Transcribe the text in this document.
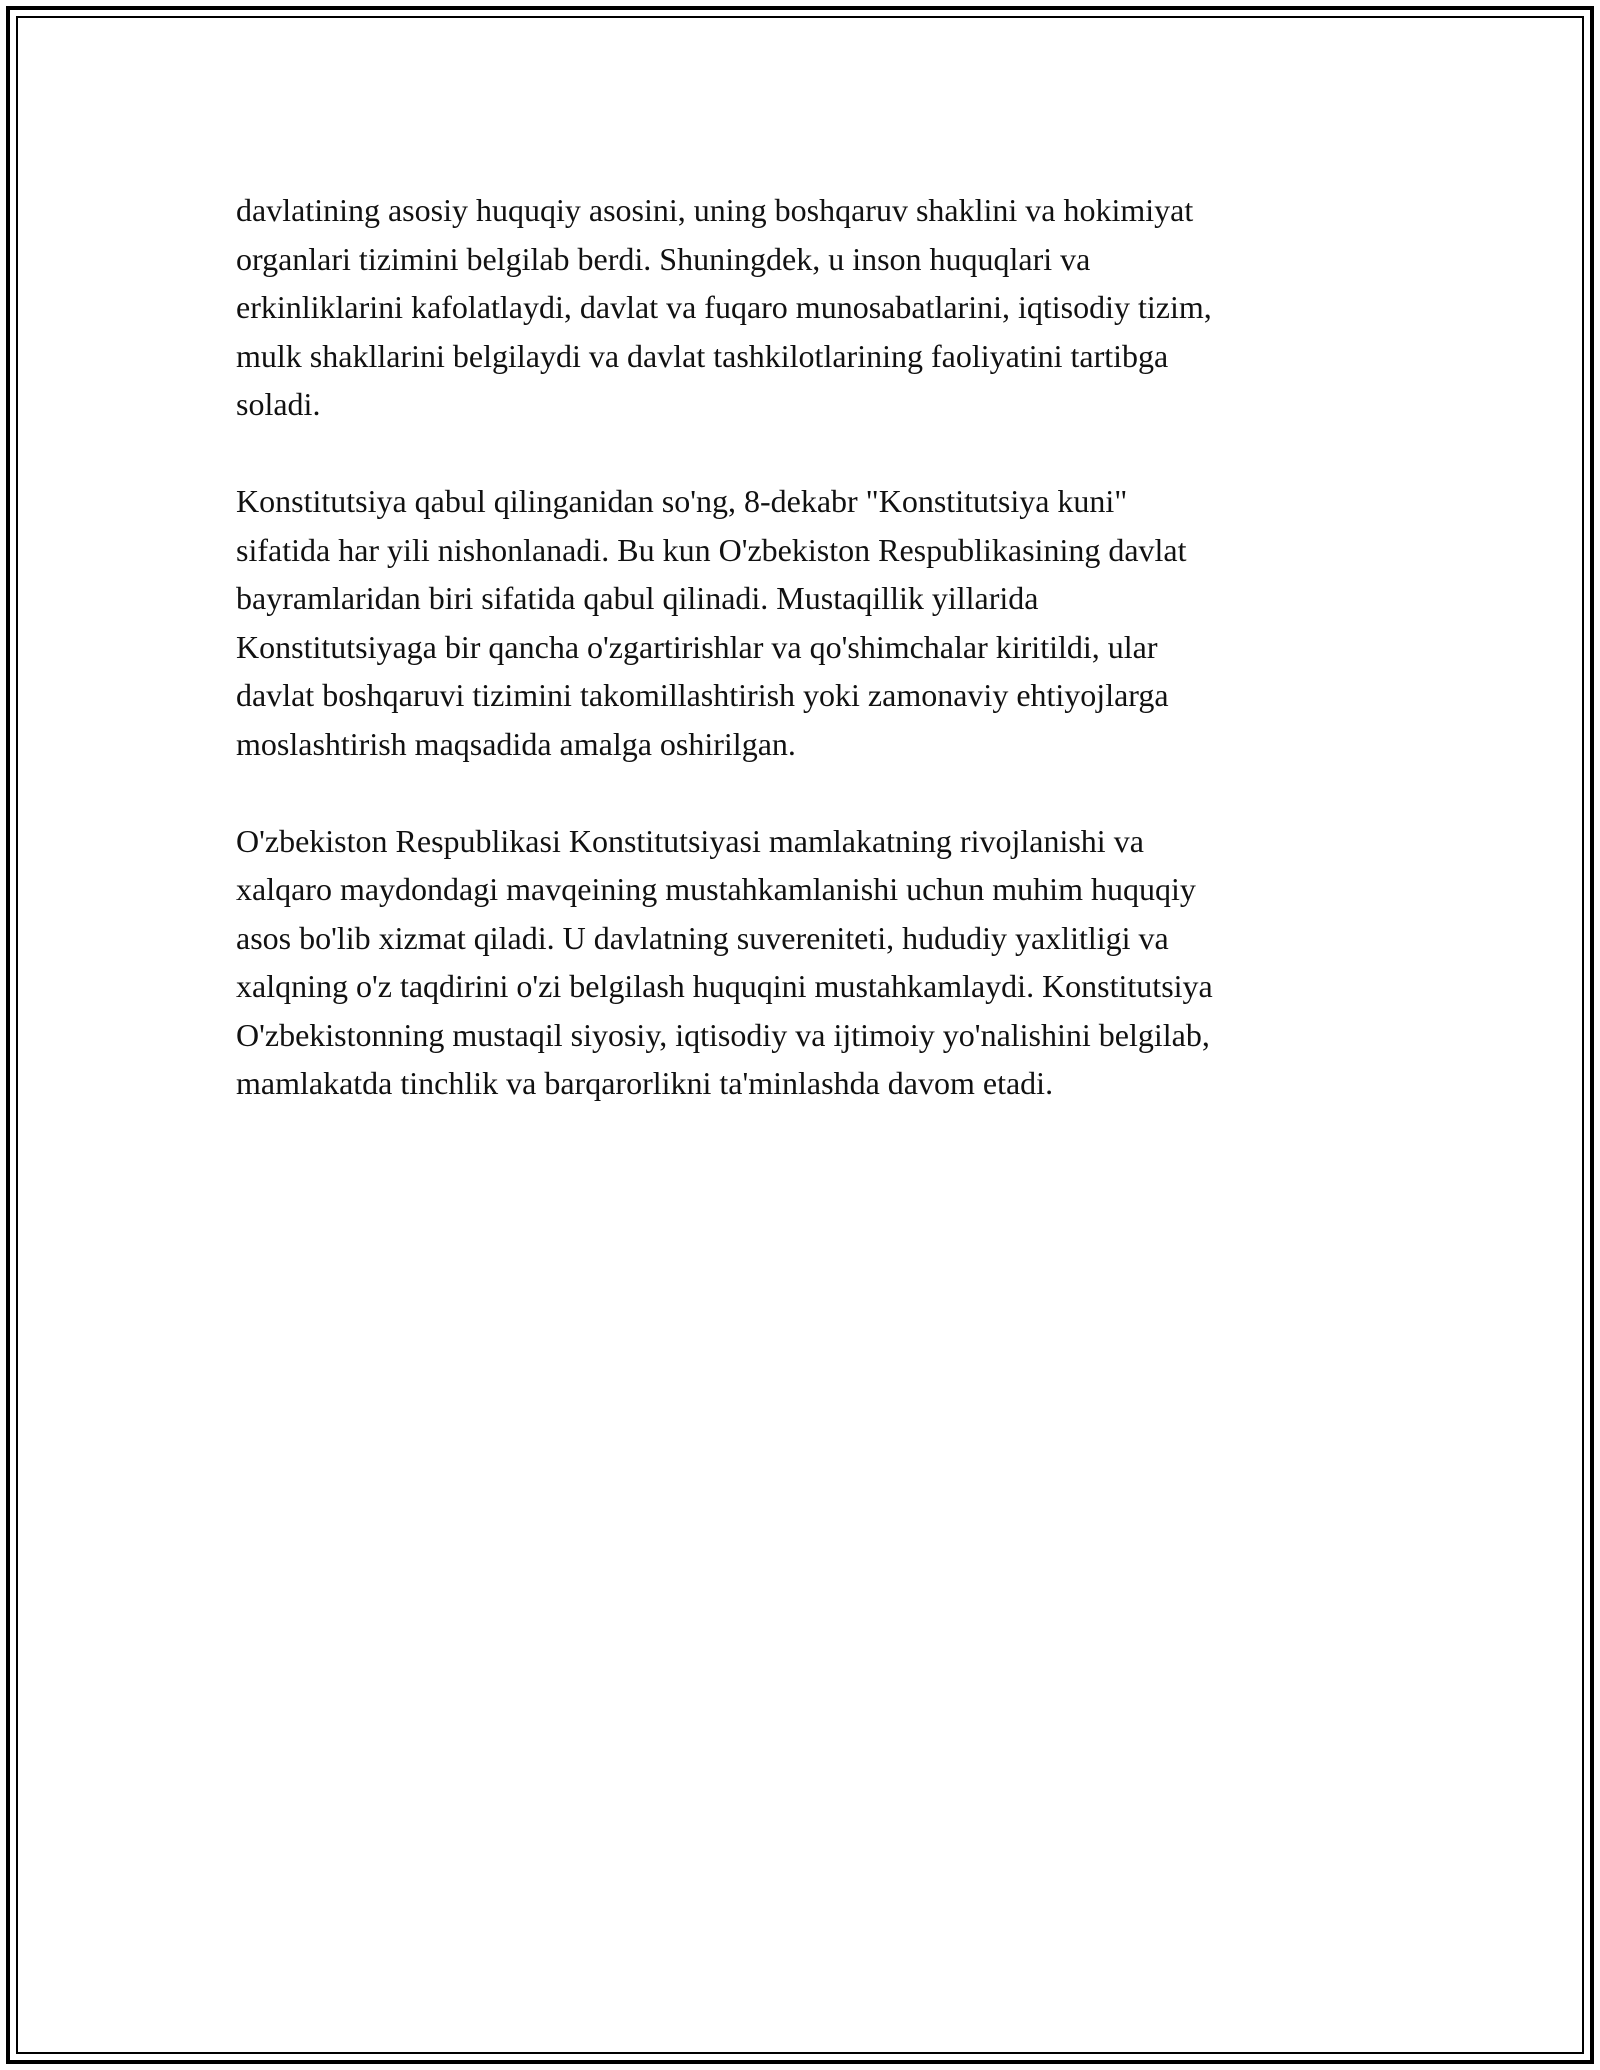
davlatining asosiy huquqiy asosini, uning boshqaruv shaklini va hokimiyat
organlari tizimini belgilab berdi. Shuningdek, u inson huquqlari va
erkinliklarini kafolatlaydi, davlat va fuqaro munosabatlarini, iqtisodiy tizim,
mulk shakllarini belgilaydi va davlat tashkilotlarining faoliyatini tartibga
soladi.

Konstitutsiya qabul qilinganidan so'ng, 8-dekabr "Konstitutsiya kuni"
sifatida har yili nishonlanadi. Bu kun O'zbekiston Respublikasining davlat
bayramlaridan biri sifatida qabul qilinadi. Mustaqillik yillarida
Konstitutsiyaga bir qancha o'zgartirishlar va qo'shimchalar kiritildi, ular
davlat boshqaruvi tizimini takomillashtirish yoki zamonaviy ehtiyojlarga
moslashtirish maqsadida amalga oshirilgan.

O'zbekiston Respublikasi Konstitutsiyasi mamlakatning rivojlanishi va
xalqaro maydondagi mavqeining mustahkamlanishi uchun muhim huquqiy
asos bo'lib xizmat qiladi. U davlatning suvereniteti, hududiy yaxlitligi va
xalqning o'z taqdirini o'zi belgilash huquqini mustahkamlaydi. Konstitutsiya
O'zbekistonning mustaqil siyosiy, iqtisodiy va ijtimoiy yo'nalishini belgilab,
mamlakatda tinchlik va barqarorlikni ta'minlashda davom etadi.
